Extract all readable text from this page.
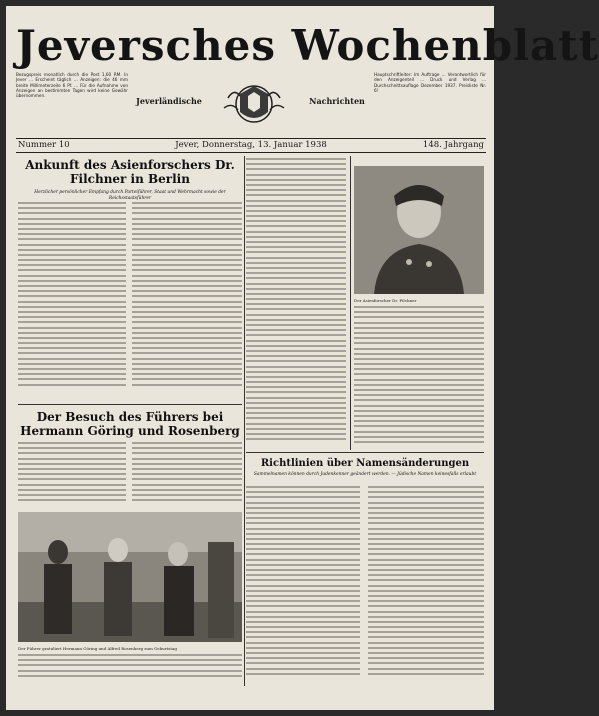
Jeversches Wochenblatt
Bezugspreis monatlich durch die Post 1,60 RM. In Jever ... Erscheint täglich ... Anzeigen: die 46 mm breite Millimeterzeile 6 Pf. ... Für die Aufnahme von Anzeigen an bestimmten Tagen wird keine Gewähr übernommen.
Jeverländische	Nachrichten
Hauptschriftleiter: Im Auftrage ... Verantwortlich für den Anzeigenteil ... Druck und Verlag ... Durchschnittsauflage Dezember 1937. Preisliste Nr. 6!
Nummer 10	Jever, Donnerstag, 13. Januar 1938	148. Jahrgang
Ankunft des Asienforschers Dr. Filchner in Berlin
Herzlicher persönlicher Empfang durch Parteiführer, Staat und Wehrmacht sowie der Reichsstaatsführer
Der Besuch des Führers bei Hermann Göring und Rosenberg
Der Führer gratuliert Hermann Göring und Alfred Rosenberg zum Geburtstag
Der Asienforscher Dr. Filchner
Richtlinien über Namensänderungen
Sammelnamen können durch Judenkenner geändert werden. — Jüdische Namen keinesfalls erlaubt
